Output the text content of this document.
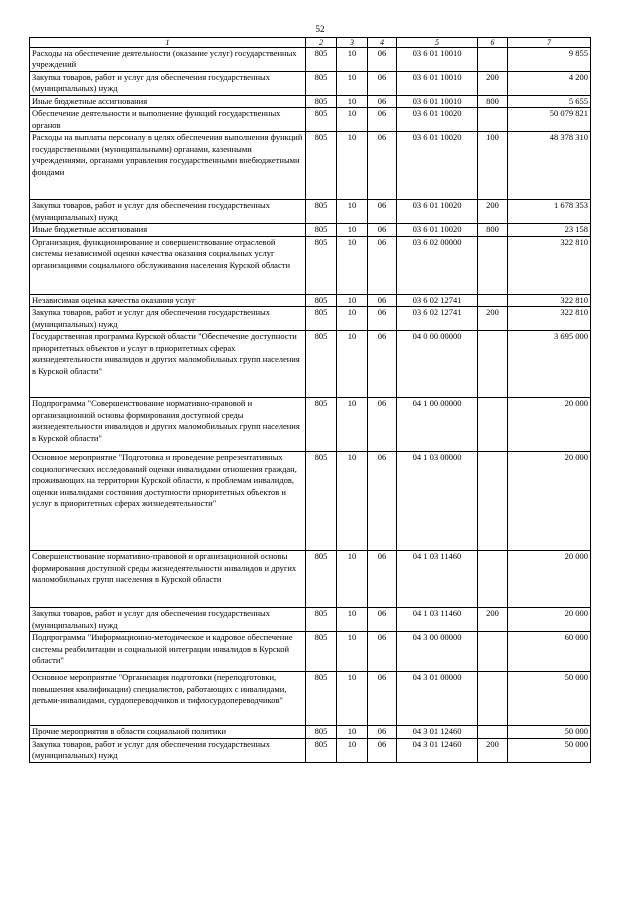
52
1	2	3	4	5	6	7
Расходы на обеспечение деятельности (оказание услуг) государственных учреждений	805	10	06	03 6 01 10010		9 855
Закупка товаров, работ и услуг для обеспечения государственных (муниципальных) нужд	805	10	06	03 6 01 10010	200	4 200
Иные бюджетные ассигнования	805	10	06	03 6 01 10010	800	5 655
Обеспечение деятельности и выполнение функций государственных органов	805	10	06	03 6 01 10020		50 079 821
Расходы на выплаты персоналу в целях обеспечения выполнения функций государственными (муниципальными) органами, казенными учреждениями, органами управления государственными внебюджетными фондами	805	10	06	03 6 01 10020	100	48 378 310
Закупка товаров, работ и услуг для обеспечения государственных (муниципальных) нужд	805	10	06	03 6 01 10020	200	1 678 353
Иные бюджетные ассигнования	805	10	06	03 6 01 10020	800	23 158
Организация, функционирование и совершенствование отраслевой системы независимой оценки качества оказания социальных услуг организациями социального обслуживания населения Курской области	805	10	06	03 6 02 00000		322 810
Независимая оценка качества оказания услуг	805	10	06	03 6 02 12741		322 810
Закупка товаров, работ и услуг для обеспечения государственных (муниципальных) нужд	805	10	06	03 6 02 12741	200	322 810
Государственная программа Курской области "Обеспечение доступности приоритетных объектов и услуг в приоритетных сферах жизнедеятельности инвалидов и других маломобильных групп населения в Курской области"	805	10	06	04 0 00 00000		3 695 000
Подпрограмма "Совершенствование нормативно-правовой и организационной основы формирования доступной среды жизнедеятельности инвалидов и других маломобильных групп населения в Курской области"	805	10	06	04 1 00 00000		20 000
Основное мероприятие "Подготовка и проведение репрезентативных социологических исследований оценки инвалидами отношения граждан, проживающих на территории Курской области, к проблемам инвалидов, оценки инвалидами состояния доступности приоритетных объектов и услуг в приоритетных сферах жизнедеятельности"	805	10	06	04 1 03 00000		20 000
Совершенствование нормативно-правовой и организационной основы формирования доступной среды жизнедеятельности инвалидов и других маломобильных групп населения в Курской области	805	10	06	04 1 03 11460		20 000
Закупка товаров, работ и услуг для обеспечения государственных (муниципальных) нужд	805	10	06	04 1 03 11460	200	20 000
Подпрограмма "Информационно-методическое и кадровое обеспечение системы реабилитации и социальной интеграции инвалидов в Курской области"	805	10	06	04 3 00 00000		60 000
Основное мероприятие "Организация подготовки (переподготовки, повышения квалификации) специалистов, работающих с инвалидами, детьми-инвалидами, сурдопереводчиков и тифлосурдопереводчиков"	805	10	06	04 3 01 00000		50 000
Прочие мероприятия в области социальной политики	805	10	06	04 3 01 12460		50 000
Закупка товаров, работ и услуг для обеспечения государственных (муниципальных) нужд	805	10	06	04 3 01 12460	200	50 000
